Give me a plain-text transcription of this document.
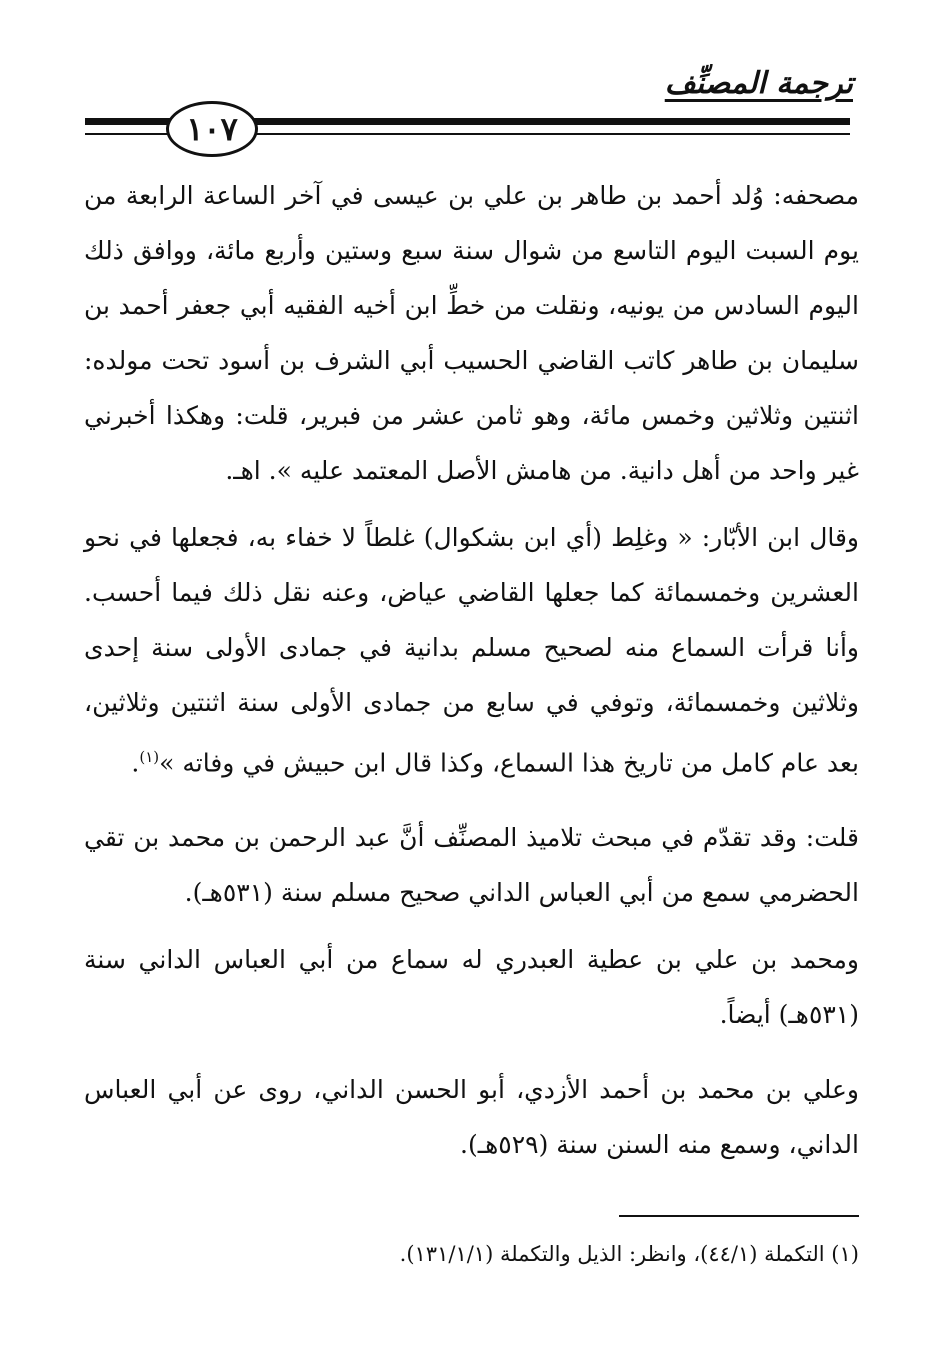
ترجمة المصنِّف
١٠٧

مصحفه: وُلد أحمد بن طاهر بن علي بن عيسى في آخر الساعة الرابعة من يوم السبت اليوم التاسع من شوال سنة سبع وستين وأربع مائة، ووافق ذلك اليوم السادس من يونيه، ونقلت من خطِّ ابن أخيه الفقيه أبي جعفر أحمد بن سليمان بن طاهر كاتب القاضي الحسيب أبي الشرف بن أسود تحت مولده: اثنتين وثلاثين وخمس مائة، وهو ثامن عشر من فبرير، قلت: وهكذا أخبرني غير واحد من أهل دانية. من هامش الأصل المعتمد عليه ». اهـ.

وقال ابن الأبّار: « وغلِط (أي ابن بشكوال) غلطاً لا خفاء به، فجعلها في نحو العشرين وخمسمائة كما جعلها القاضي عياض، وعنه نقل ذلك فيما أحسب. وأنا قرأت السماع منه لصحيح مسلم بدانية في جمادى الأولى سنة إحدى وثلاثين وخمسمائة، وتوفي في سابع من جمادى الأولى سنة اثنتين وثلاثين، بعد عام كامل من تاريخ هذا السماع، وكذا قال ابن حبيش في وفاته »$^{(١)}$.

قلت: وقد تقدّم في مبحث تلاميذ المصنِّف أنَّ عبد الرحمن بن محمد بن تقي الحضرمي سمع من أبي العباس الداني صحيح مسلم سنة (٥٣١هـ).

ومحمد بن علي بن عطية العبدري له سماع من أبي العباس الداني سنة (٥٣١هـ) أيضاً.

وعلي بن محمد بن أحمد الأزدي، أبو الحسن الداني، روى عن أبي العباس الداني، وسمع منه السنن سنة (٥٢٩هـ).

(١) التكملة (٤٤/١)، وانظر: الذيل والتكملة (١٣١/١/١).
